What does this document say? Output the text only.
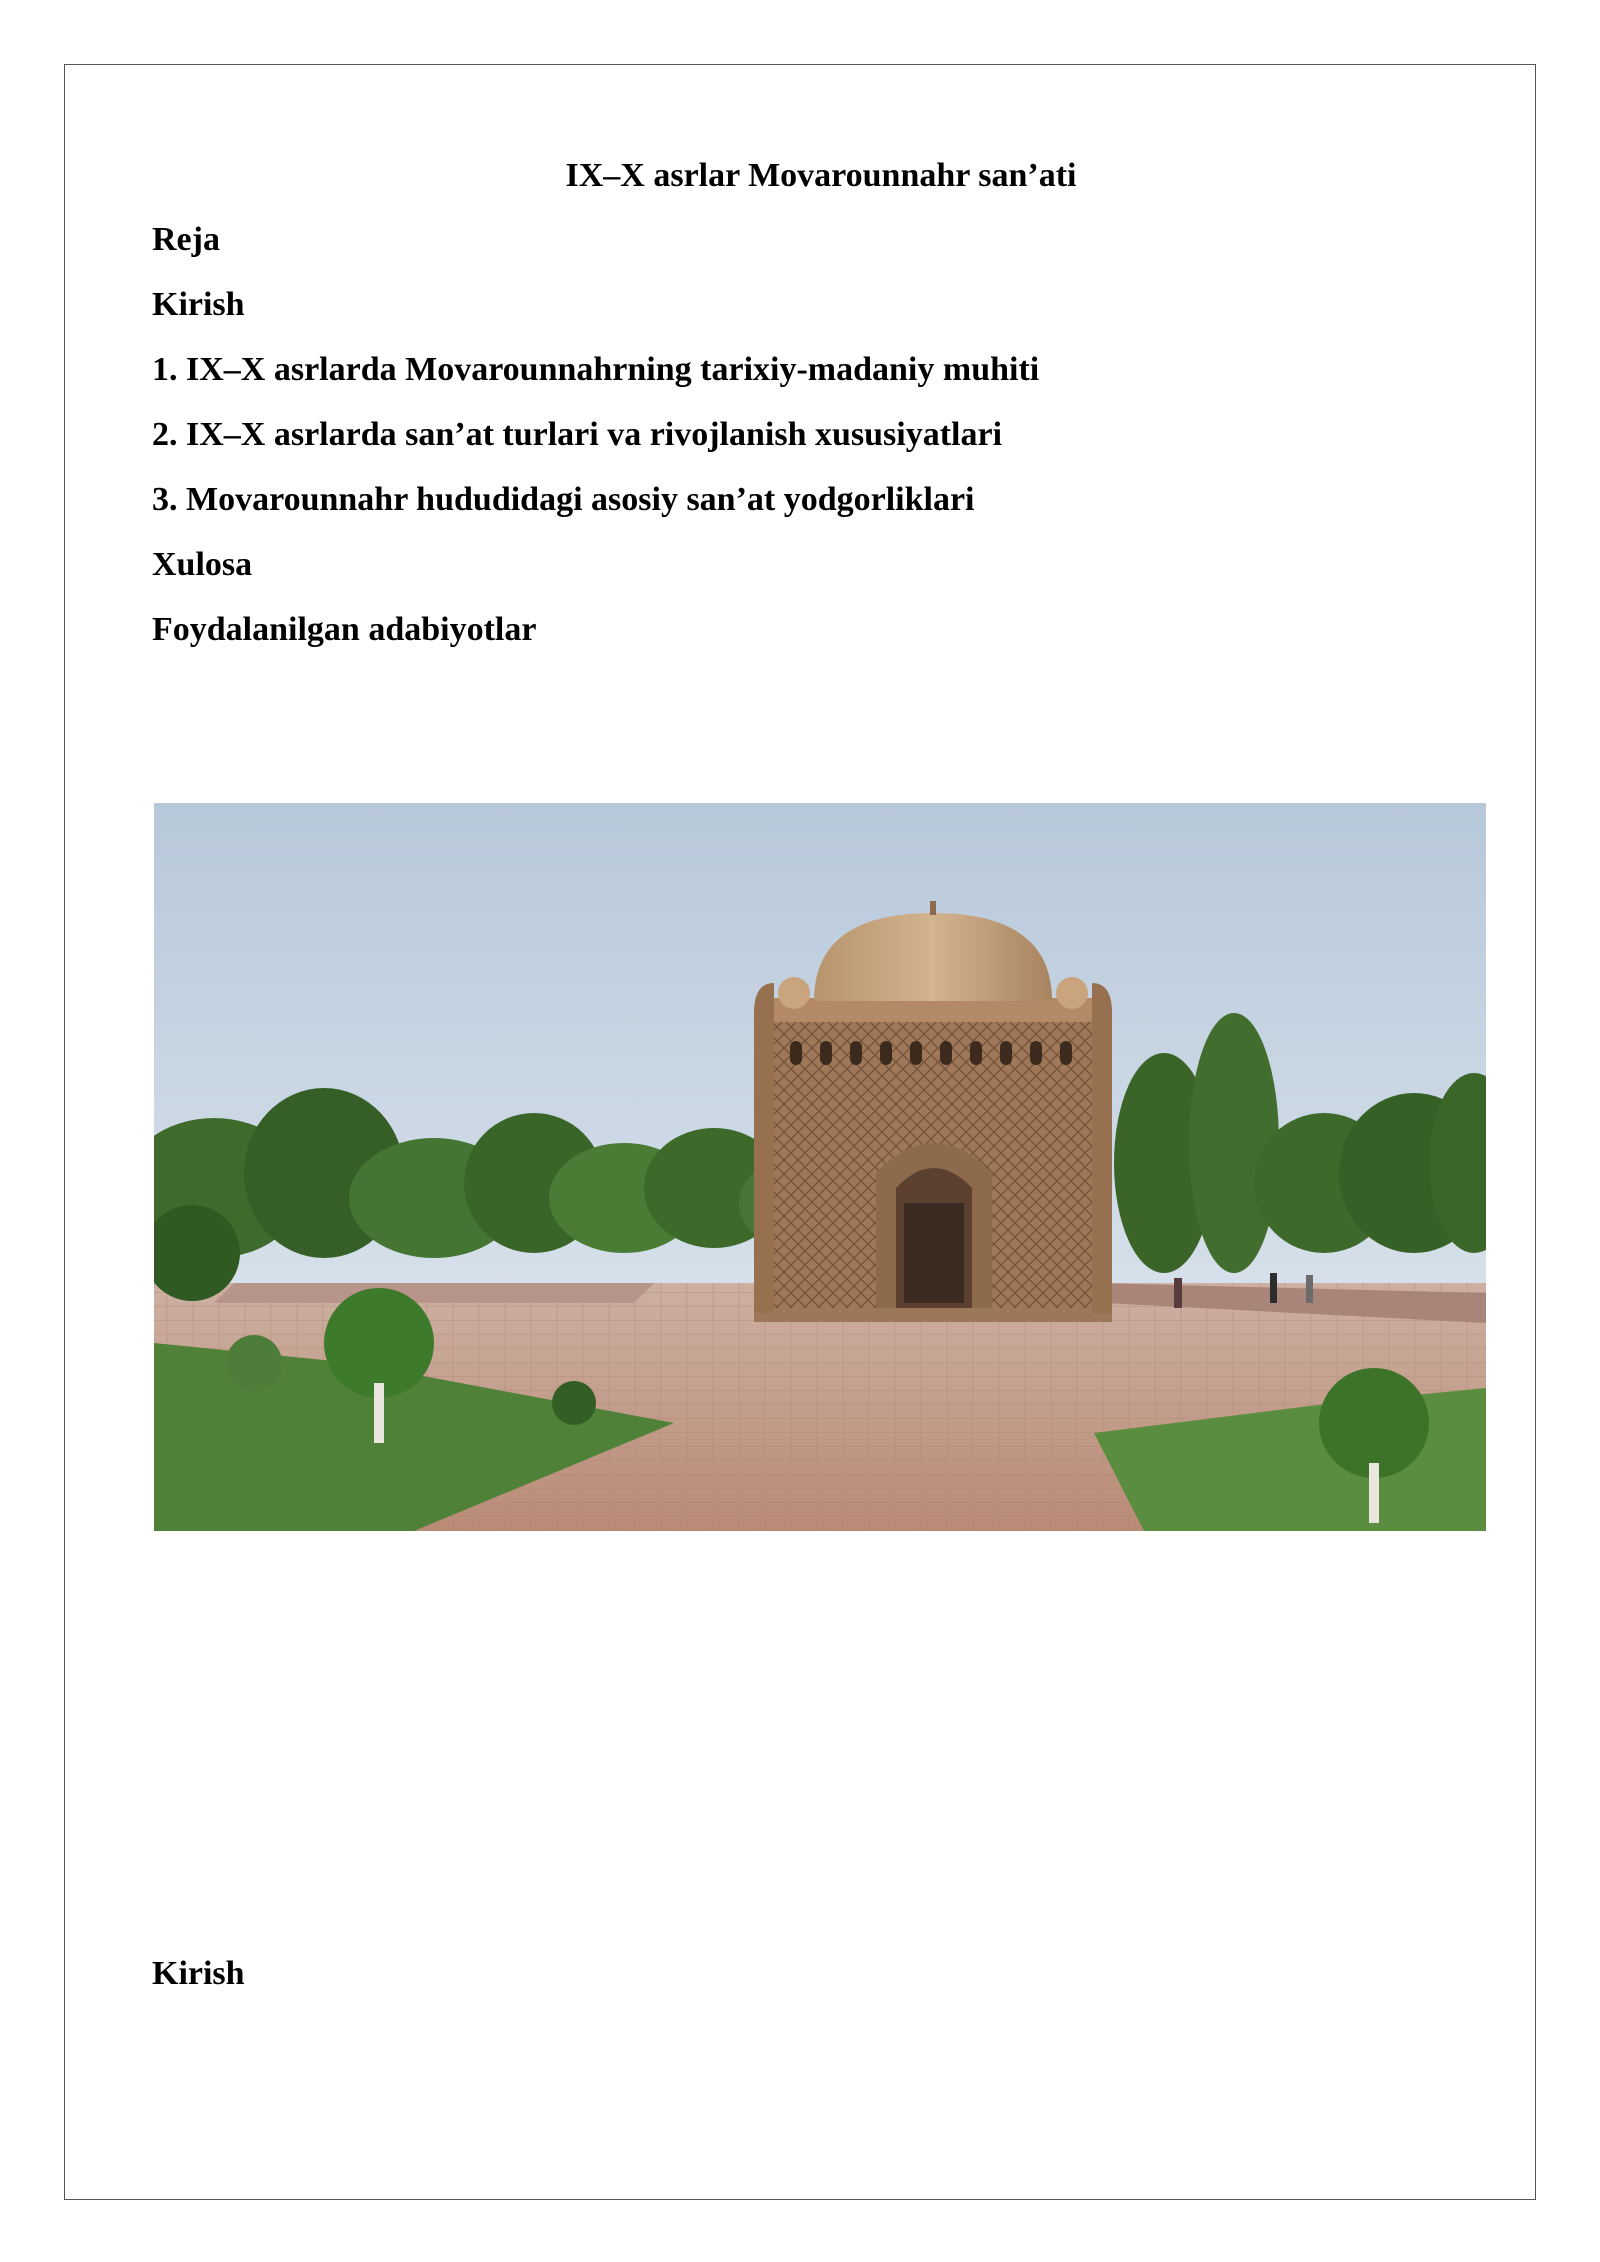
IX–X asrlar Movarounnahr san’ati
Reja
Kirish
1. IX–X asrlarda Movarounnahrning tarixiy-madaniy muhiti
2. IX–X asrlarda san’at turlari va rivojlanish xususiyatlari
3. Movarounnahr hududidagi asosiy san’at yodgorliklari
Xulosa
Foydalanilgan adabiyotlar
Kirish
